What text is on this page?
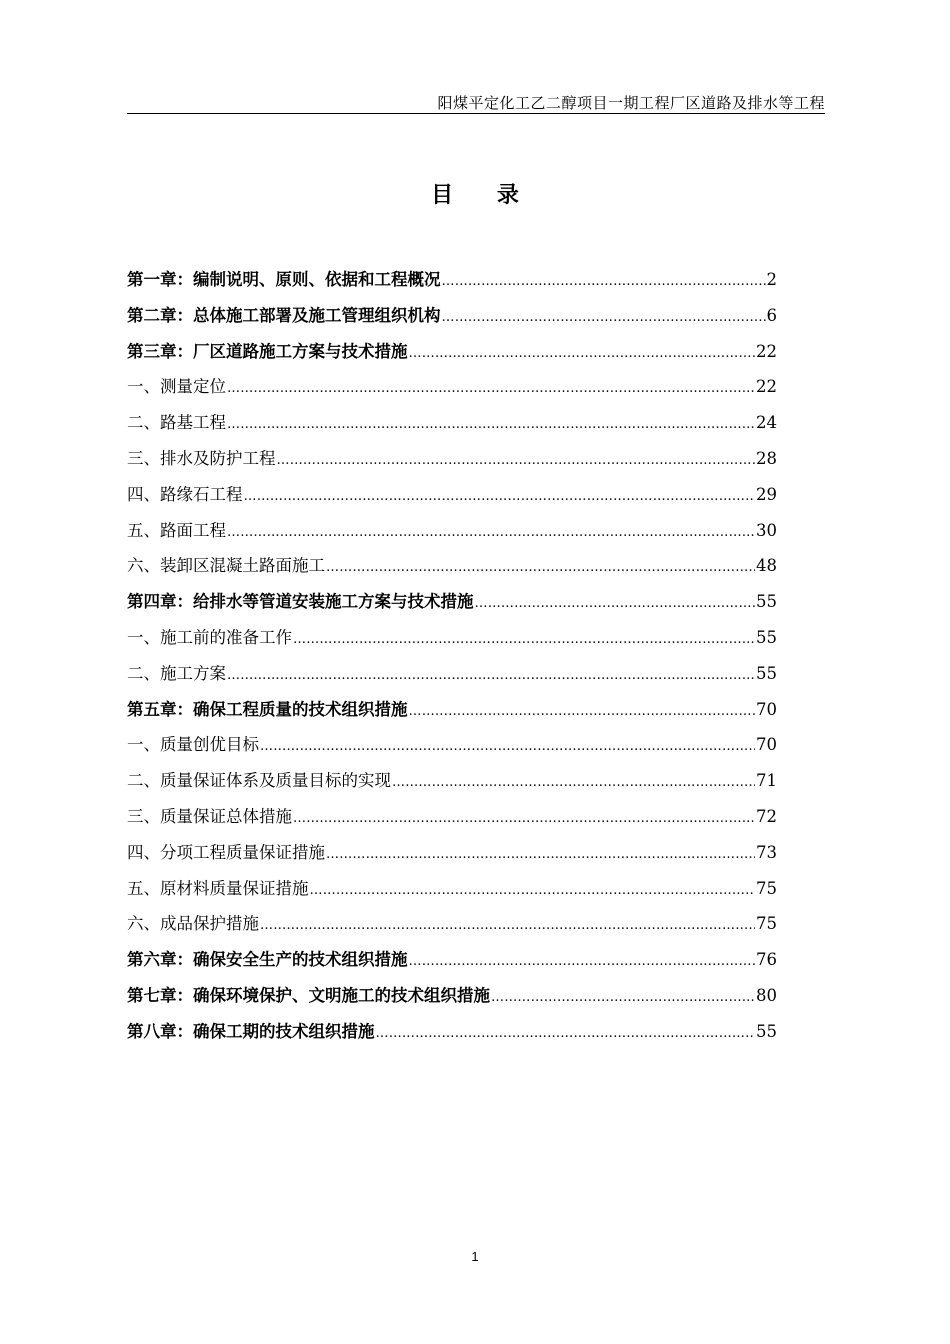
阳煤平定化工乙二醇项目一期工程厂区道路及排水等工程
目 录
第一章：编制说明、原则、依据和工程概况 ……………………………………………………………………………………………………………………………………………………………………	2
第二章：总体施工部署及施工管理组织机构 ……………………………………………………………………………………………………………………………………………………………………	6
第三章：厂区道路施工方案与技术措施 ……………………………………………………………………………………………………………………………………………………………………	22
一、测量定位 ……………………………………………………………………………………………………………………………………………………………………	22
二、路基工程 ……………………………………………………………………………………………………………………………………………………………………	24
三、排水及防护工程 ……………………………………………………………………………………………………………………………………………………………………	28
四、路缘石工程 ……………………………………………………………………………………………………………………………………………………………………	29
五、路面工程 ……………………………………………………………………………………………………………………………………………………………………	30
六、装卸区混凝土路面施工 ……………………………………………………………………………………………………………………………………………………………………	48
第四章：给排水等管道安装施工方案与技术措施 ……………………………………………………………………………………………………………………………………………………………………	55
一、施工前的准备工作 ……………………………………………………………………………………………………………………………………………………………………	55
二、施工方案 ……………………………………………………………………………………………………………………………………………………………………	55
第五章：确保工程质量的技术组织措施 ……………………………………………………………………………………………………………………………………………………………………	70
一、质量创优目标 ……………………………………………………………………………………………………………………………………………………………………	70
二、质量保证体系及质量目标的实现 ……………………………………………………………………………………………………………………………………………………………………	71
三、质量保证总体措施 ……………………………………………………………………………………………………………………………………………………………………	72
四、分项工程质量保证措施 ……………………………………………………………………………………………………………………………………………………………………	73
五、原材料质量保证措施 ……………………………………………………………………………………………………………………………………………………………………	75
六、成品保护措施 ……………………………………………………………………………………………………………………………………………………………………	75
第六章：确保安全生产的技术组织措施 ……………………………………………………………………………………………………………………………………………………………………	76
第七章：确保环境保护、文明施工的技术组织措施 ……………………………………………………………………………………………………………………………………………………………………	80
第八章：确保工期的技术组织措施 ……………………………………………………………………………………………………………………………………………………………………	55
1
